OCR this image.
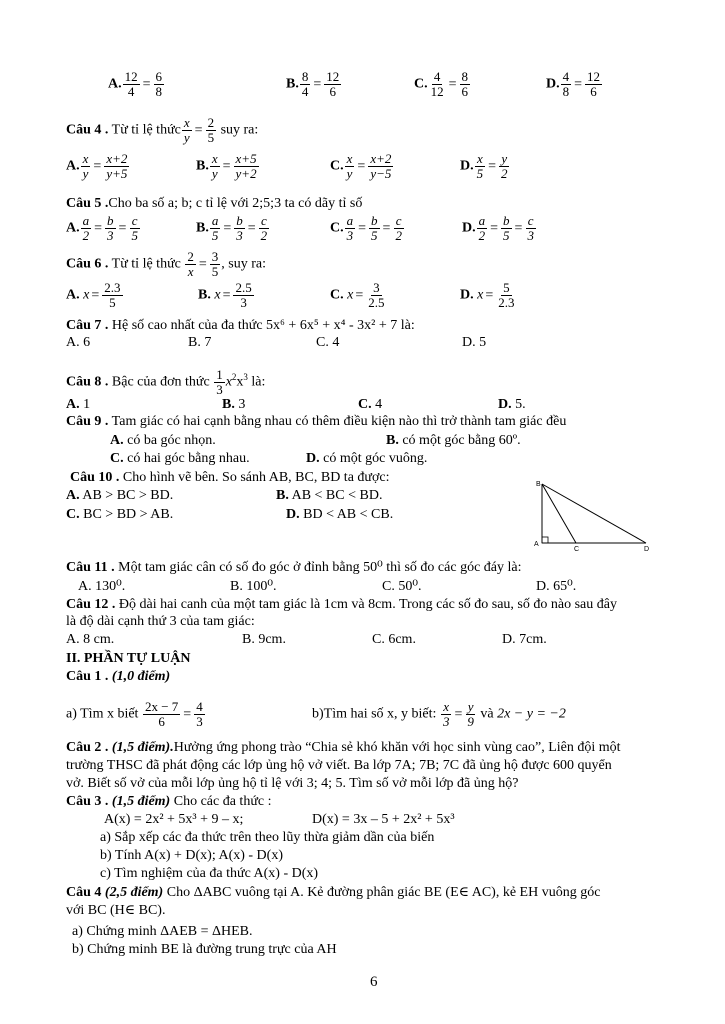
A. $\frac{12}{4} = \frac{6}{8}$	B. $\frac{8}{4} = \frac{12}{6}$	C. $\frac{4}{12} = \frac{8}{6}$	D. $\frac{4}{8} = \frac{12}{6}$
Câu 4 . Từ tỉ lệ thức $\frac{x}{y} = \frac{2}{5}$ suy ra:
A. $\frac{x}{y} = \frac{x+2}{y+5}$	B. $\frac{x}{y} = \frac{x+5}{y+2}$	C. $\frac{x}{y} = \frac{x+2}{y-5}$	D. $\frac{x}{5} = \frac{y}{2}$
Câu 5 .Cho ba số a; b; c tỉ lệ với 2;5;3 ta có dãy tỉ số
A. $\frac{a}{2} = \frac{b}{3} = \frac{c}{5}$	B. $\frac{a}{5} = \frac{b}{3} = \frac{c}{2}$	C. $\frac{a}{3} = \frac{b}{5} = \frac{c}{2}$	D. $\frac{a}{2} = \frac{b}{5} = \frac{c}{3}$
Câu 6 . Từ tỉ lệ thức $\frac{2}{x} = \frac{3}{5}$ , suy ra:
A. $x = \frac{2.3}{5}$	B. $x = \frac{2.5}{3}$	C. $x = \frac{3}{2.5}$	D. $x = \frac{5}{2.3}$
Câu 7 . Hệ số cao nhất của đa thức 5x⁶ + 6x⁵ + x⁴ - 3x² + 7 là:
A. 6	B. 7	C. 4	D. 5
Câu 8 . Bậc của đơn thức $\frac{1}{3} x^2x^3$ là:
A. 1	B. 3	C. 4	D. 5.
Câu 9 . Tam giác có hai cạnh bằng nhau có thêm điều kiện nào thì trở thành tam giác đều
A. có ba góc nhọn.	B. có một góc bằng 60º.
C. có hai góc bằng nhau.	D. có một góc vuông.
Câu 10 . Cho hình vẽ bên. So sánh AB, BC, BD ta được:
A. AB > BC > BD.	B. AB < BC < BD.
C. BC > BD > AB.	D. BD < AB < CB.
B
A
C	D
Câu 11 . Một tam giác cân có số đo góc ở đỉnh bằng 50⁰ thì số đo các góc đáy là:
A. 130⁰.	B. 100⁰.	C. 50⁰.	D. 65⁰.
Câu 12 . Độ dài hai canh của một tam giác là 1cm và 8cm. Trong các số đo sau, số đo nào sau đây
là độ dài cạnh thứ 3 của tam giác:
A. 8 cm.	B. 9cm.	C. 6cm.	D. 7cm.
II. PHẦN TỰ LUẬN
Câu 1 . (1,0 điểm)
a) Tìm x biết $\frac{2x - 7}{6} = \frac{4}{3}$	b)Tìm hai số x, y biết: $\frac{x}{3} = \frac{y}{9}$ và 2x − y = −2
Câu 2 . (1,5 điểm).Hưởng ứng phong trào “Chia sẻ khó khăn với học sinh vùng cao”, Liên đội một
trường THSC đã phát động các lớp ủng hộ vở viết. Ba lớp 7A; 7B; 7C đã ủng hộ được 600 quyển
vở. Biết số vở của mỗi lớp ủng hộ tỉ lệ với 3; 4; 5. Tìm số vở mỗi lớp đã ủng hộ?
Câu 3 . (1,5 điểm) Cho các đa thức :
A(x) = 2x² + 5x³ + 9 – x;	D(x) = 3x – 5 + 2x² + 5x³
a) Sắp xếp các đa thức trên theo lũy thừa giảm dần của biến
b) Tính A(x) + D(x); A(x) - D(x)
c) Tìm nghiệm của đa thức A(x) - D(x)
Câu 4 (2,5 điểm) Cho ΔABC vuông tại A. Kẻ đường phân giác BE (E∈ AC), kẻ EH vuông góc
với BC (H∈ BC).
a) Chứng minh ΔAEB = ΔHEB.
b) Chứng minh BE là đường trung trực của AH
6
